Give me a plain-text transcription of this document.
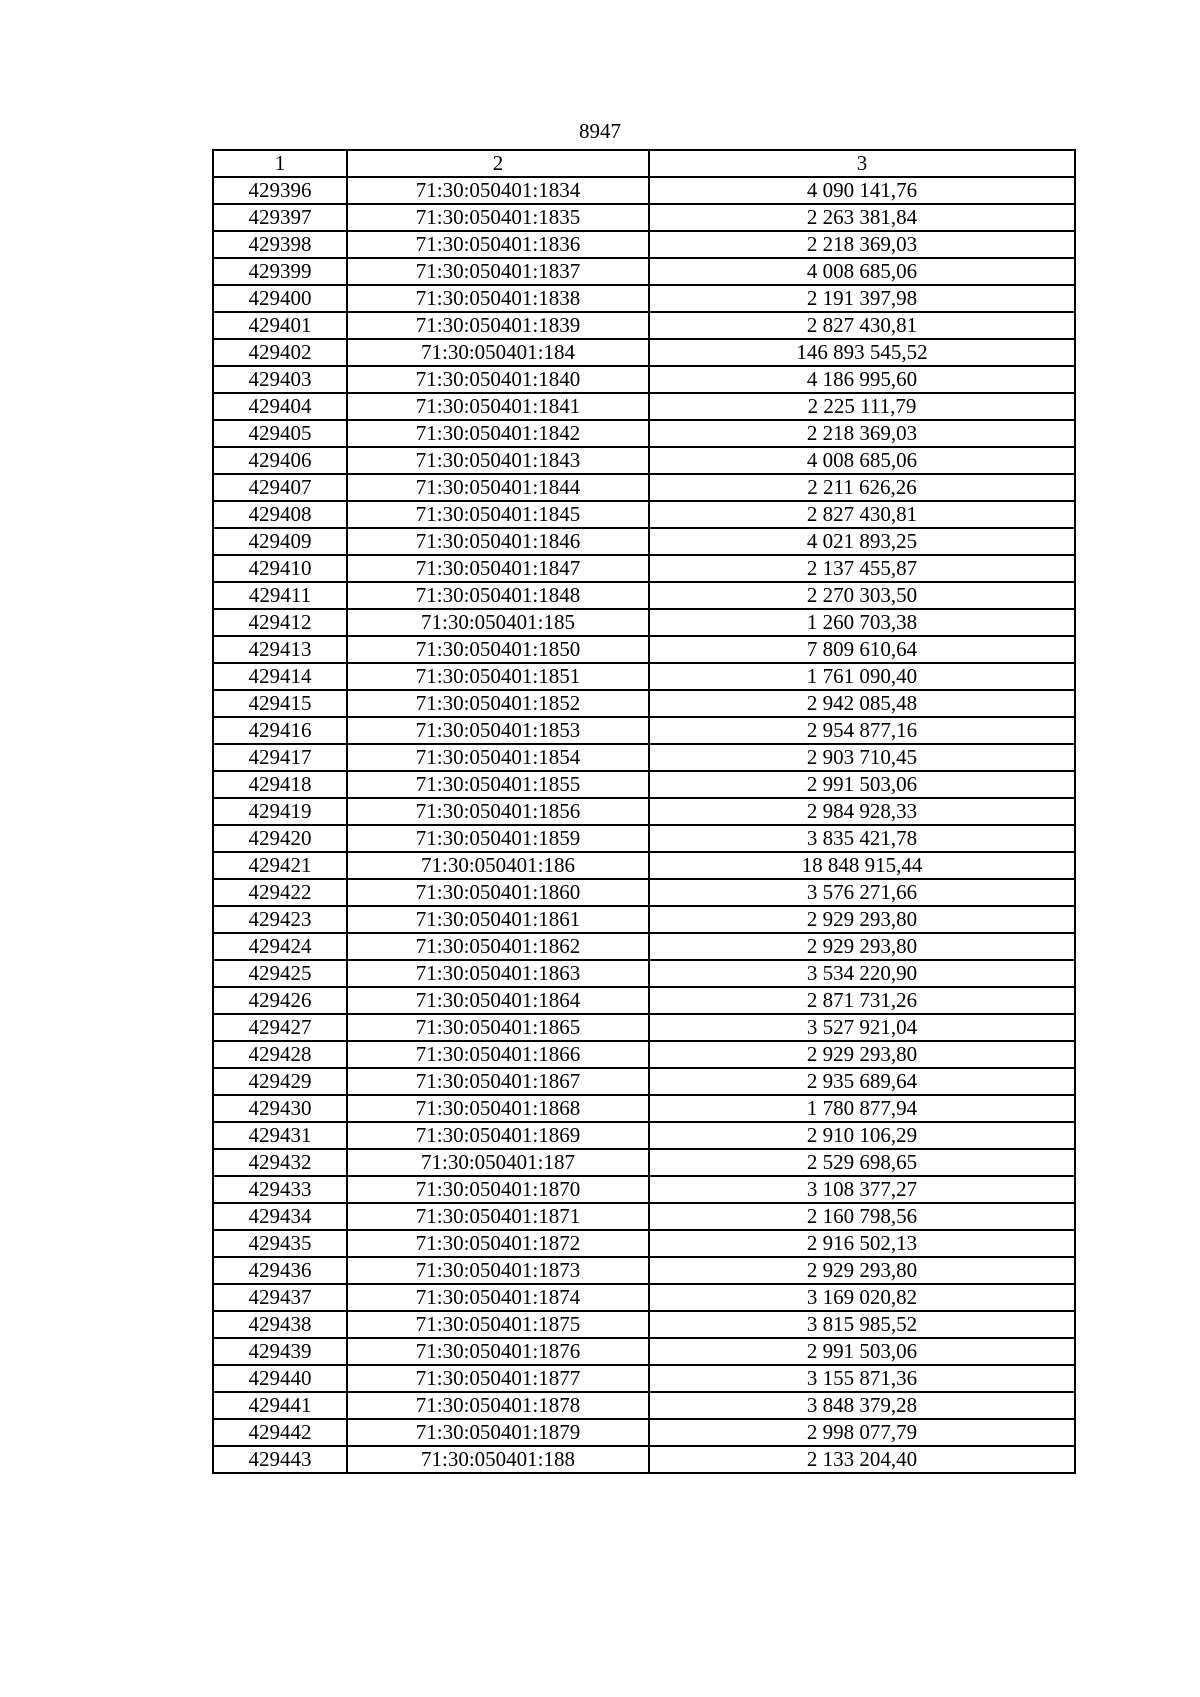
8947
1	2	3
429396	71:30:050401:1834	4 090 141,76
429397	71:30:050401:1835	2 263 381,84
429398	71:30:050401:1836	2 218 369,03
429399	71:30:050401:1837	4 008 685,06
429400	71:30:050401:1838	2 191 397,98
429401	71:30:050401:1839	2 827 430,81
429402	71:30:050401:184	146 893 545,52
429403	71:30:050401:1840	4 186 995,60
429404	71:30:050401:1841	2 225 111,79
429405	71:30:050401:1842	2 218 369,03
429406	71:30:050401:1843	4 008 685,06
429407	71:30:050401:1844	2 211 626,26
429408	71:30:050401:1845	2 827 430,81
429409	71:30:050401:1846	4 021 893,25
429410	71:30:050401:1847	2 137 455,87
429411	71:30:050401:1848	2 270 303,50
429412	71:30:050401:185	1 260 703,38
429413	71:30:050401:1850	7 809 610,64
429414	71:30:050401:1851	1 761 090,40
429415	71:30:050401:1852	2 942 085,48
429416	71:30:050401:1853	2 954 877,16
429417	71:30:050401:1854	2 903 710,45
429418	71:30:050401:1855	2 991 503,06
429419	71:30:050401:1856	2 984 928,33
429420	71:30:050401:1859	3 835 421,78
429421	71:30:050401:186	18 848 915,44
429422	71:30:050401:1860	3 576 271,66
429423	71:30:050401:1861	2 929 293,80
429424	71:30:050401:1862	2 929 293,80
429425	71:30:050401:1863	3 534 220,90
429426	71:30:050401:1864	2 871 731,26
429427	71:30:050401:1865	3 527 921,04
429428	71:30:050401:1866	2 929 293,80
429429	71:30:050401:1867	2 935 689,64
429430	71:30:050401:1868	1 780 877,94
429431	71:30:050401:1869	2 910 106,29
429432	71:30:050401:187	2 529 698,65
429433	71:30:050401:1870	3 108 377,27
429434	71:30:050401:1871	2 160 798,56
429435	71:30:050401:1872	2 916 502,13
429436	71:30:050401:1873	2 929 293,80
429437	71:30:050401:1874	3 169 020,82
429438	71:30:050401:1875	3 815 985,52
429439	71:30:050401:1876	2 991 503,06
429440	71:30:050401:1877	3 155 871,36
429441	71:30:050401:1878	3 848 379,28
429442	71:30:050401:1879	2 998 077,79
429443	71:30:050401:188	2 133 204,40
